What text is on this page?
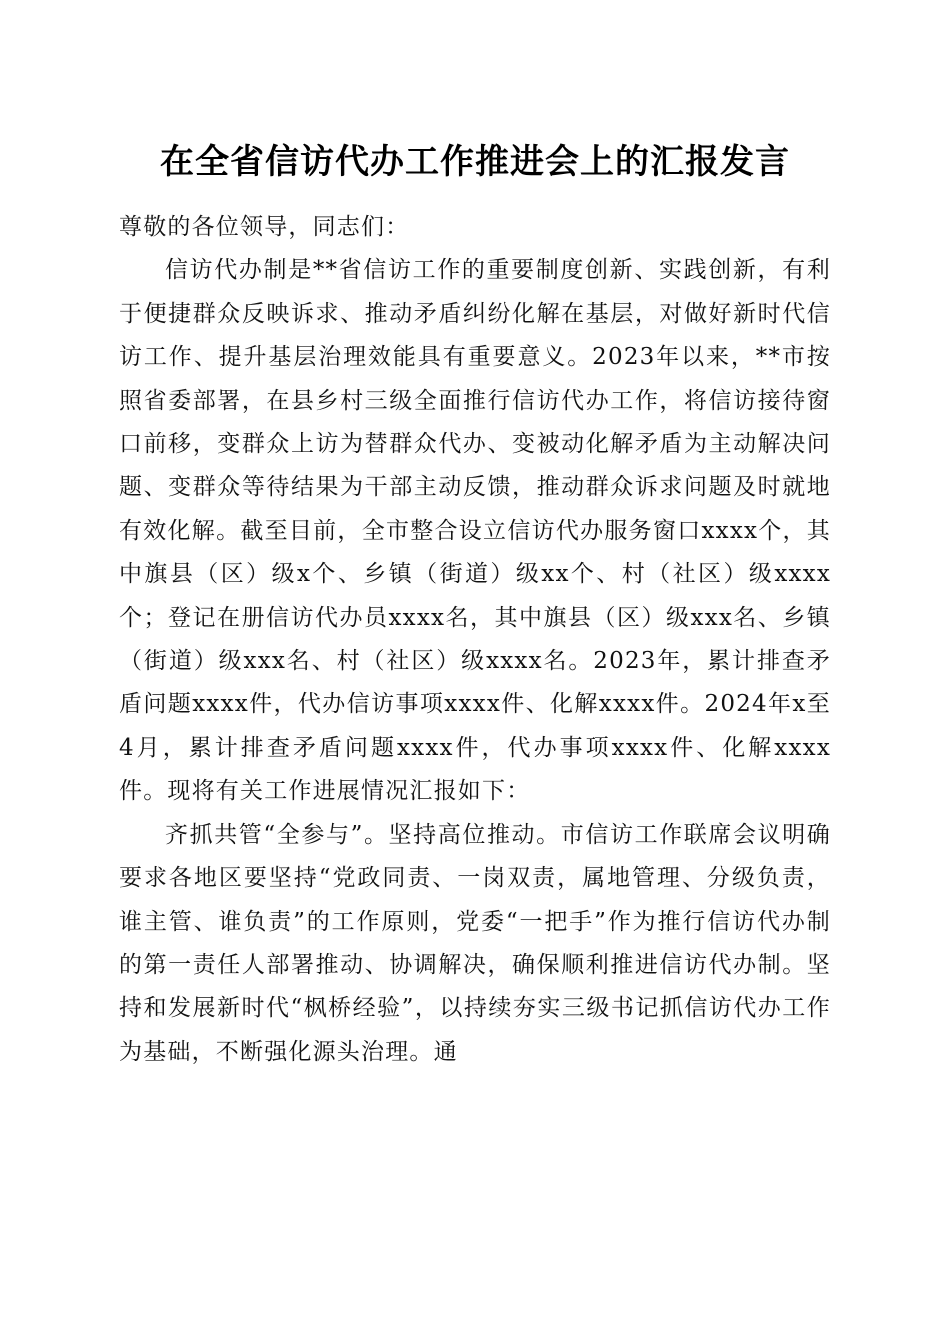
在全省信访代办工作推进会上的汇报发言

尊敬的各位领导，同志们：

信访代办制是**省信访工作的重要制度创新、实践创新，有利于便捷群众反映诉求、推动矛盾纠纷化解在基层，对做好新时代信访工作、提升基层治理效能具有重要意义。2023年以来，**市按照省委部署，在县乡村三级全面推行信访代办工作，将信访接待窗口前移，变群众上访为替群众代办、变被动化解矛盾为主动解决问题、变群众等待结果为干部主动反馈，推动群众诉求问题及时就地有效化解。截至目前，全市整合设立信访代办服务窗口xxxx个，其中旗县（区）级x个、乡镇（街道）级xx个、村（社区）级xxxx个；登记在册信访代办员xxxx名，其中旗县（区）级xxx名、乡镇（街道）级xxx名、村（社区）级xxxx名。2023年，累计排查矛盾问题xxxx件，代办信访事项xxxx件、化解xxxx件。2024年x至4月，累计排查矛盾问题xxxx件，代办事项xxxx件、化解xxxx件。现将有关工作进展情况汇报如下：

齐抓共管“全参与”。坚持高位推动。市信访工作联席会议明确要求各地区要坚持“党政同责、一岗双责，属地管理、分级负责，谁主管、谁负责”的工作原则，党委“一把手”作为推行信访代办制的第一责任人部署推动、协调解决，确保顺利推进信访代办制。坚持和发展新时代“枫桥经验”，以持续夯实三级书记抓信访代办工作为基础，不断强化源头治理。通
